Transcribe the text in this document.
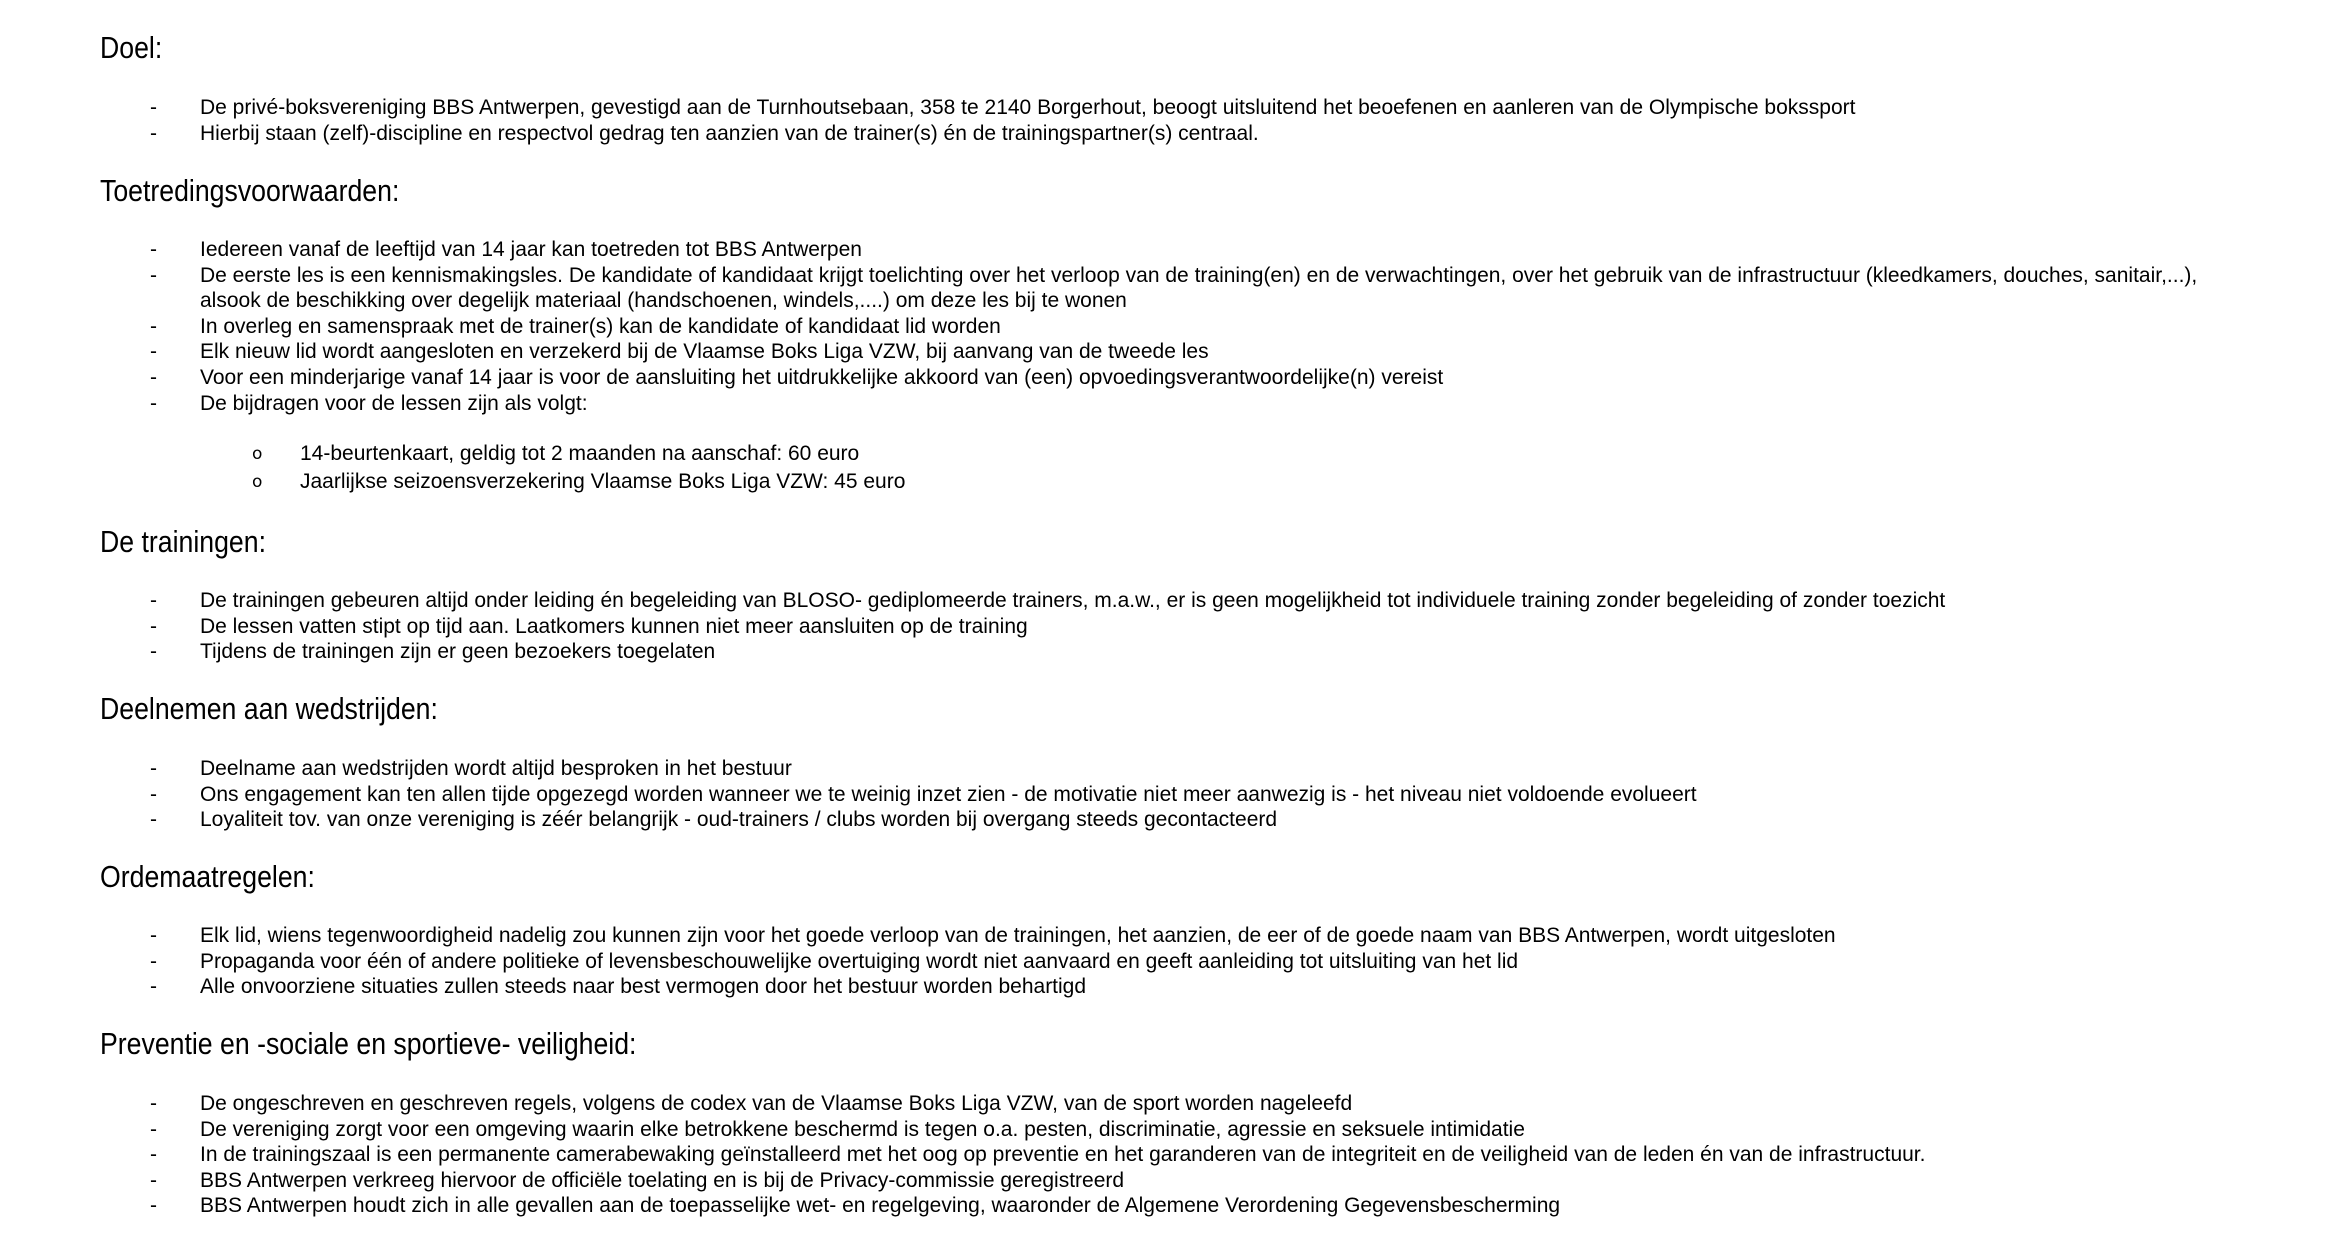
Doel:
- De privé-boksvereniging BBS Antwerpen, gevestigd aan de Turnhoutsebaan, 358 te 2140 Borgerhout, beoogt uitsluitend het beoefenen en aanleren van de Olympische bokssport
- Hierbij staan (zelf)-discipline en respectvol gedrag ten aanzien van de trainer(s) én de trainingspartner(s) centraal.
Toetredingsvoorwaarden:
- Iedereen vanaf de leeftijd van 14 jaar kan toetreden tot BBS Antwerpen
- De eerste les is een kennismakingsles. De kandidate of kandidaat krijgt toelichting over het verloop van de training(en) en de verwachtingen, over het gebruik van de infrastructuur (kleedkamers, douches, sanitair,...), alsook de beschikking over degelijk materiaal (handschoenen, windels,....) om deze les bij te wonen
- In overleg en samenspraak met de trainer(s) kan de kandidate of kandidaat lid worden
- Elk nieuw lid wordt aangesloten en verzekerd bij de Vlaamse Boks Liga VZW, bij aanvang van de tweede les
- Voor een minderjarige vanaf 14 jaar is voor de aansluiting het uitdrukkelijke akkoord van (een) opvoedingsverantwoordelijke(n) vereist
- De bijdragen voor de lessen zijn als volgt:
o 14-beurtenkaart, geldig tot 2 maanden na aanschaf: 60 euro
o Jaarlijkse seizoensverzekering Vlaamse Boks Liga VZW: 45 euro
De trainingen:
- De trainingen gebeuren altijd onder leiding én begeleiding van BLOSO- gediplomeerde trainers, m.a.w., er is geen mogelijkheid tot individuele training zonder begeleiding of zonder toezicht
- De lessen vatten stipt op tijd aan. Laatkomers kunnen niet meer aansluiten op de training
- Tijdens de trainingen zijn er geen bezoekers toegelaten
Deelnemen aan wedstrijden:
- Deelname aan wedstrijden wordt altijd besproken in het bestuur
- Ons engagement kan ten allen tijde opgezegd worden wanneer we te weinig inzet zien - de motivatie niet meer aanwezig is - het niveau niet voldoende evolueert
- Loyaliteit tov. van onze vereniging is zéér belangrijk - oud-trainers / clubs worden bij overgang steeds gecontacteerd
Ordemaatregelen:
- Elk lid, wiens tegenwoordigheid nadelig zou kunnen zijn voor het goede verloop van de trainingen, het aanzien, de eer of de goede naam van BBS Antwerpen, wordt uitgesloten
- Propaganda voor één of andere politieke of levensbeschouwelijke overtuiging wordt niet aanvaard en geeft aanleiding tot uitsluiting van het lid
- Alle onvoorziene situaties zullen steeds naar best vermogen door het bestuur worden behartigd
Preventie en -sociale en sportieve- veiligheid:
- De ongeschreven en geschreven regels, volgens de codex van de Vlaamse Boks Liga VZW, van de sport worden nageleefd
- De vereniging zorgt voor een omgeving waarin elke betrokkene beschermd is tegen o.a. pesten, discriminatie, agressie en seksuele intimidatie
- In de trainingszaal is een permanente camerabewaking geïnstalleerd met het oog op preventie en het garanderen van de integriteit en de veiligheid van de leden én van de infrastructuur.
- BBS Antwerpen verkreeg hiervoor de officiële toelating en is bij de Privacy-commissie geregistreerd
- BBS Antwerpen houdt zich in alle gevallen aan de toepasselijke wet- en regelgeving, waaronder de Algemene Verordening Gegevensbescherming
